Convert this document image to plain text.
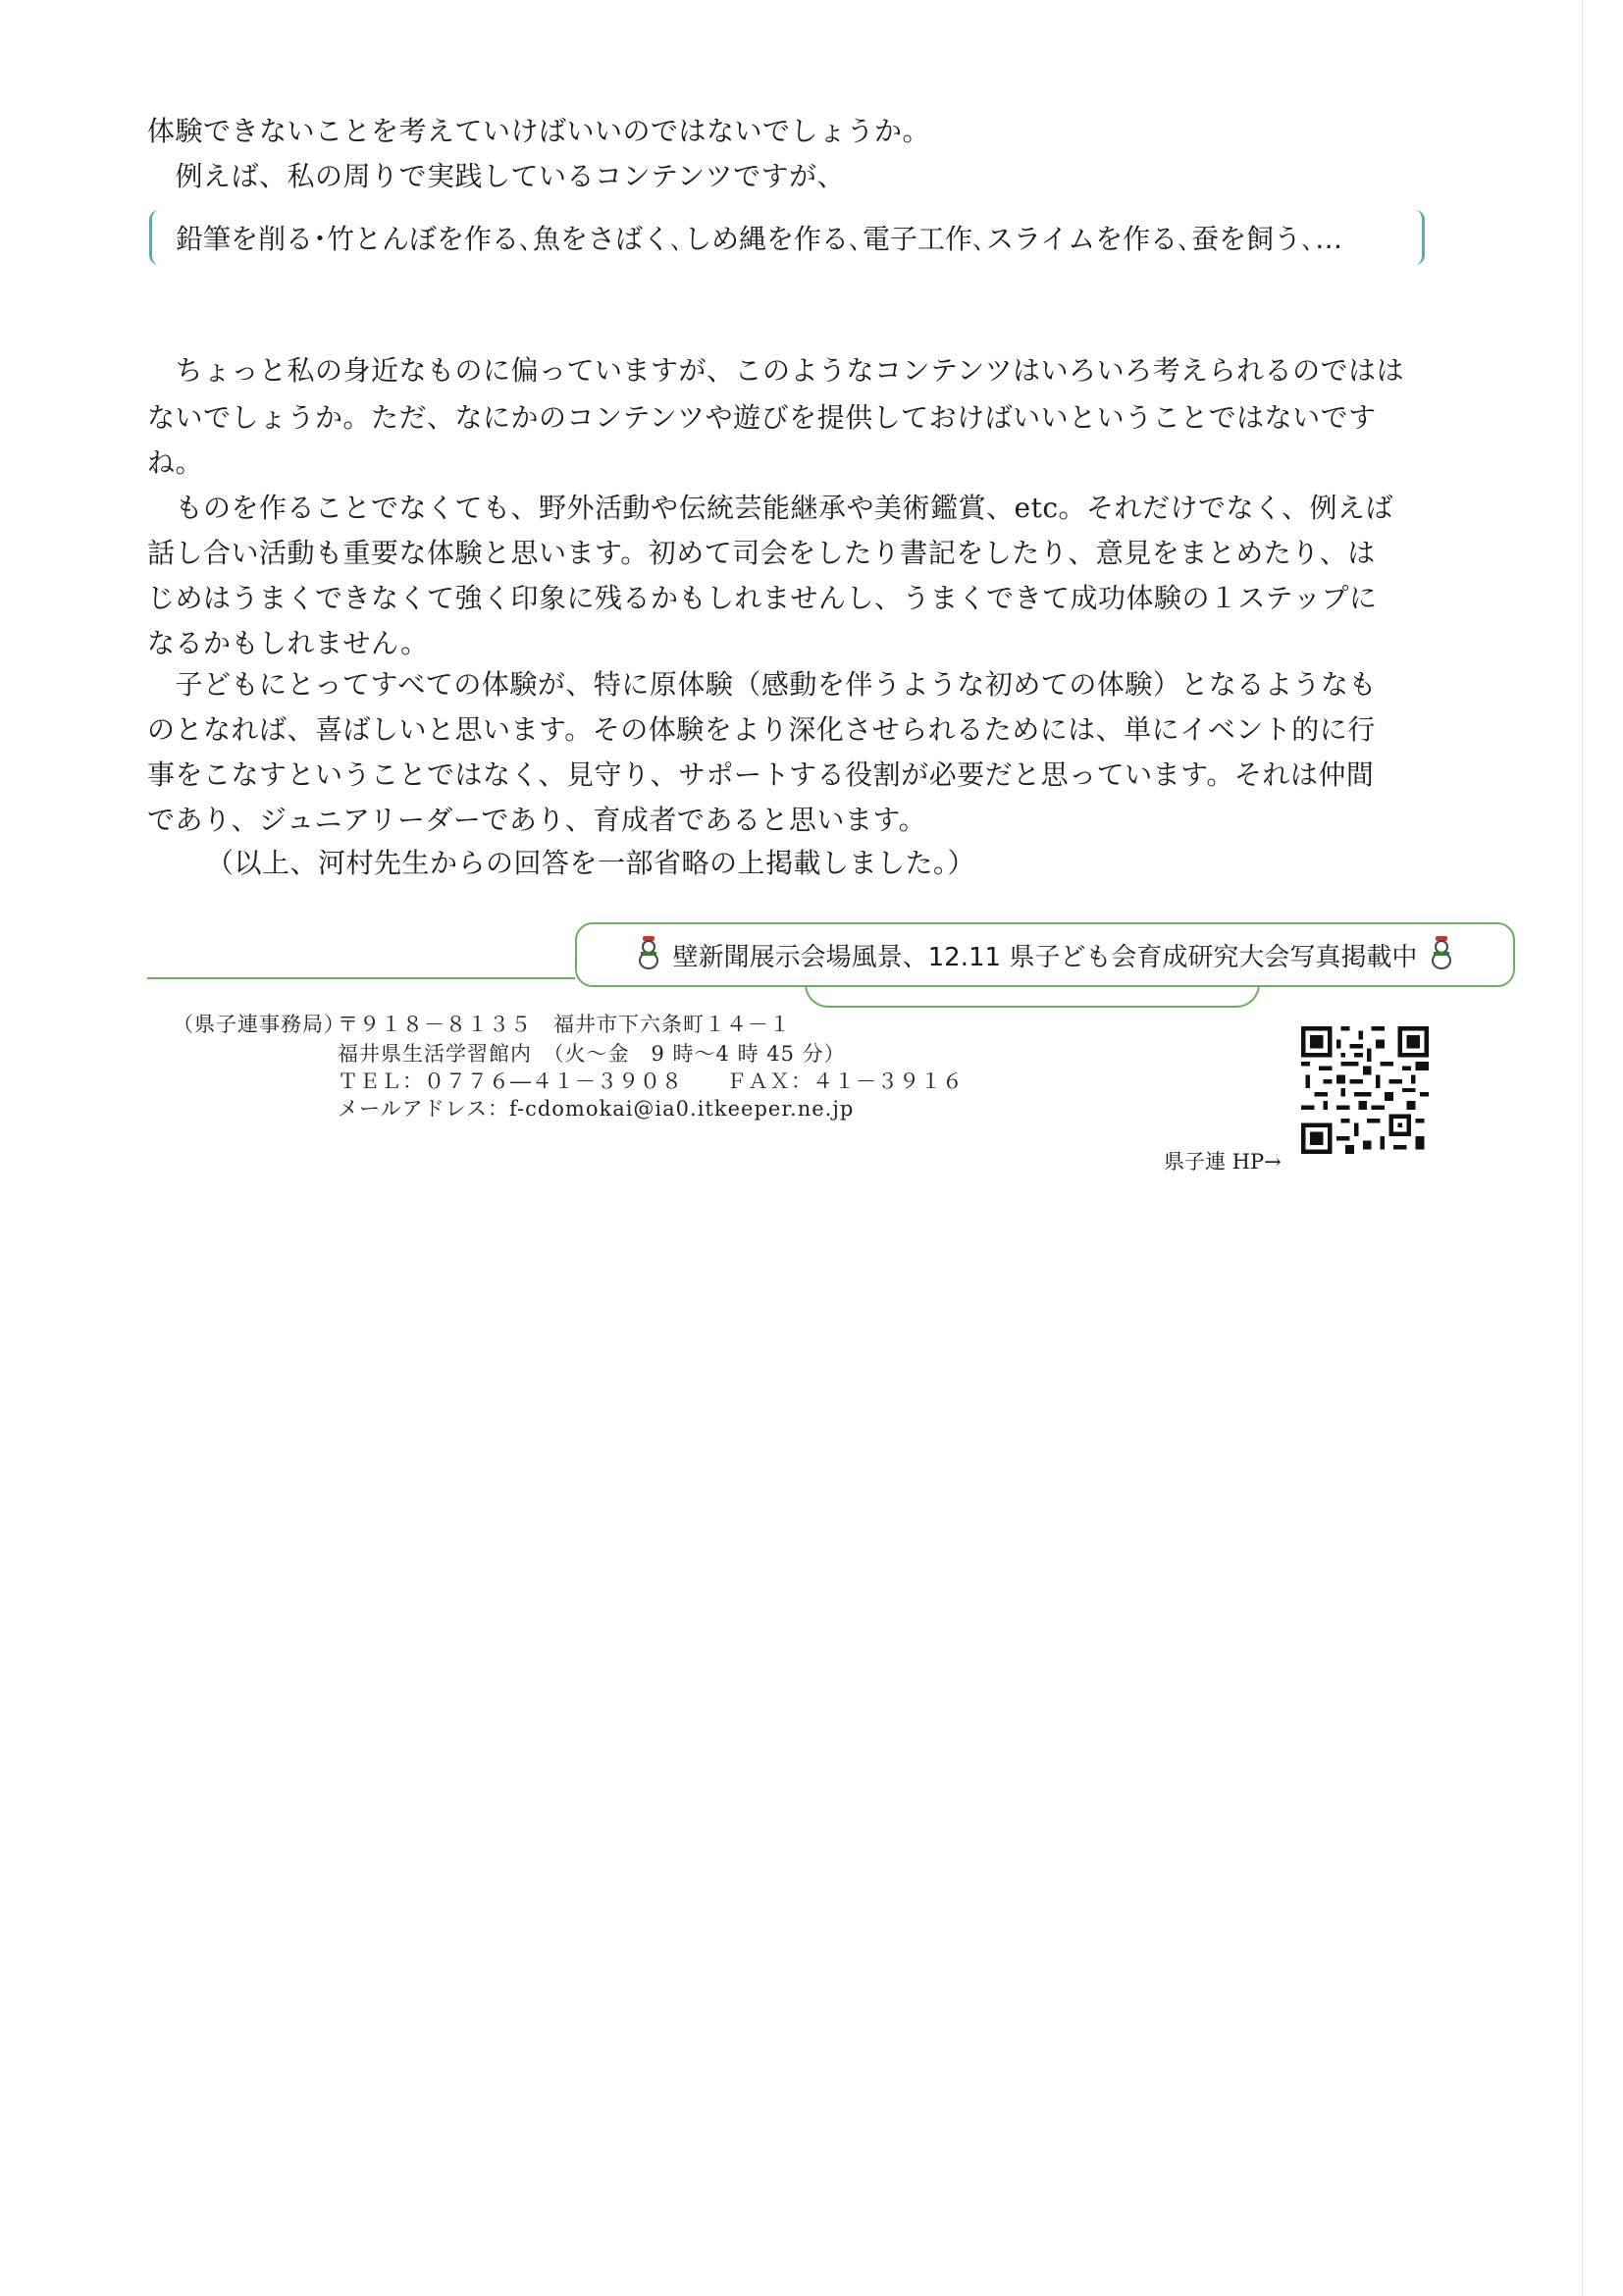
体験できないことを考えていけばいいのではないでしょうか。
　例えば、私の周りで実践しているコンテンツですが、
鉛筆を削る･竹とんぼを作る､魚をさばく､しめ縄を作る､電子工作､スライムを作る､蚕を飼う､…
　ちょっと私の身近なものに偏っていますが、このようなコンテンツはいろいろ考えられるのではは
ないでしょうか。ただ、なにかのコンテンツや遊びを提供しておけばいいということではないです
ね。
　ものを作ることでなくても、野外活動や伝統芸能継承や美術鑑賞、etc。それだけでなく、例えば
話し合い活動も重要な体験と思います。初めて司会をしたり書記をしたり、意見をまとめたり、は
じめはうまくできなくて強く印象に残るかもしれませんし、うまくできて成功体験の１ステップに
なるかもしれません。
　子どもにとってすべての体験が、特に原体験（感動を伴うような初めての体験）となるようなも
のとなれば、喜ばしいと思います。その体験をより深化させられるためには、単にイベント的に行
事をこなすということではなく、見守り、サポートする役割が必要だと思っています。それは仲間
であり、ジュニアリーダーであり、育成者であると思います。
（以上、河村先生からの回答を一部省略の上掲載しました。）
壁新聞展示会場風景、12.11 県子ども会育成研究大会写真掲載中
（県子連事務局）
〒９１８－８１３５　福井市下六条町１４－１
福井県生活学習館内　（火～金　9 時～4 時 45 分）
ＴＥＬ：０７７６―４１－３９０８　　ＦＡＸ：４１－３９１６
メールアドレス：f-cdomokai@ia0.itkeeper.ne.jp
県子連 HP→
